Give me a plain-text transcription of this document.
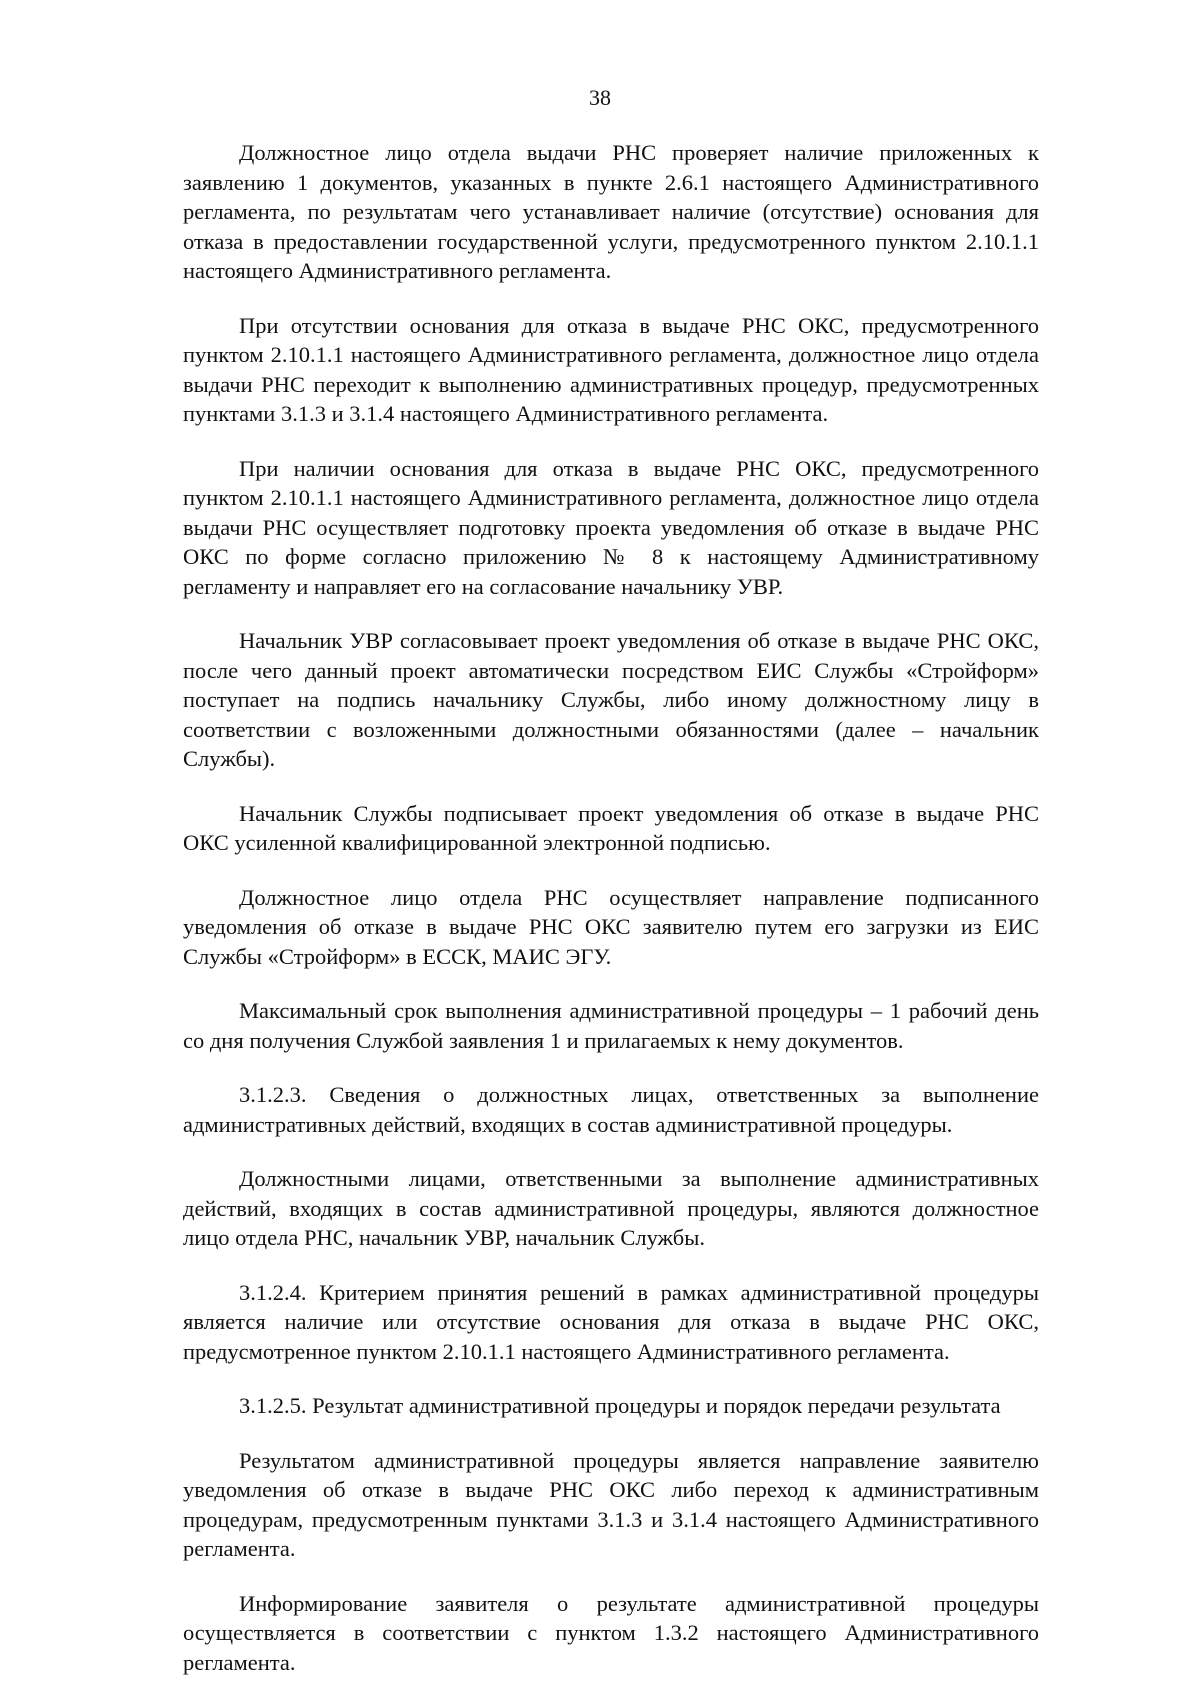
38

Должностное лицо отдела выдачи РНС проверяет наличие приложенных к заявлению 1 документов, указанных в пункте 2.6.1 настоящего Административного регламента, по результатам чего устанавливает наличие (отсутствие) основания для отказа в предоставлении государственной услуги, предусмотренного пунктом 2.10.1.1 настоящего Административного регламента.

При отсутствии основания для отказа в выдаче РНС ОКС, предусмотренного пунктом 2.10.1.1 настоящего Административного регламента, должностное лицо отдела выдачи РНС переходит к выполнению административных процедур, предусмотренных пунктами 3.1.3 и 3.1.4 настоящего Административного регламента.

При наличии основания для отказа в выдаче РНС ОКС, предусмотренного пунктом 2.10.1.1 настоящего Административного регламента, должностное лицо отдела выдачи РНС осуществляет подготовку проекта уведомления об отказе в выдаче РНС ОКС по форме согласно приложению № 8 к настоящему Административному регламенту и направляет его на согласование начальнику УВР.

Начальник УВР согласовывает проект уведомления об отказе в выдаче РНС ОКС, после чего данный проект автоматически посредством ЕИС Службы «Стройформ» поступает на подпись начальнику Службы, либо иному должностному лицу в соответствии с возложенными должностными обязанностями (далее – начальник Службы).

Начальник Службы подписывает проект уведомления об отказе в выдаче РНС ОКС усиленной квалифицированной электронной подписью.

Должностное лицо отдела РНС осуществляет направление подписанного уведомления об отказе в выдаче РНС ОКС заявителю путем его загрузки из ЕИС Службы «Стройформ» в ЕССК, МАИС ЭГУ.

Максимальный срок выполнения административной процедуры – 1 рабочий день со дня получения Службой заявления 1 и прилагаемых к нему документов.

3.1.2.3. Сведения о должностных лицах, ответственных за выполнение административных действий, входящих в состав административной процедуры.

Должностными лицами, ответственными за выполнение административных действий, входящих в состав административной процедуры, являются должностное лицо отдела РНС, начальник УВР, начальник Службы.

3.1.2.4. Критерием принятия решений в рамках административной процедуры является наличие или отсутствие основания для отказа в выдаче РНС ОКС, предусмотренное пунктом 2.10.1.1 настоящего Административного регламента.

3.1.2.5. Результат административной процедуры и порядок передачи результата

Результатом административной процедуры является направление заявителю уведомления об отказе в выдаче РНС ОКС либо переход к административным процедурам, предусмотренным пунктами 3.1.3 и 3.1.4 настоящего Административного регламента.

Информирование заявителя о результате административной процедуры осуществляется в соответствии с пунктом 1.3.2 настоящего Административного регламента.
